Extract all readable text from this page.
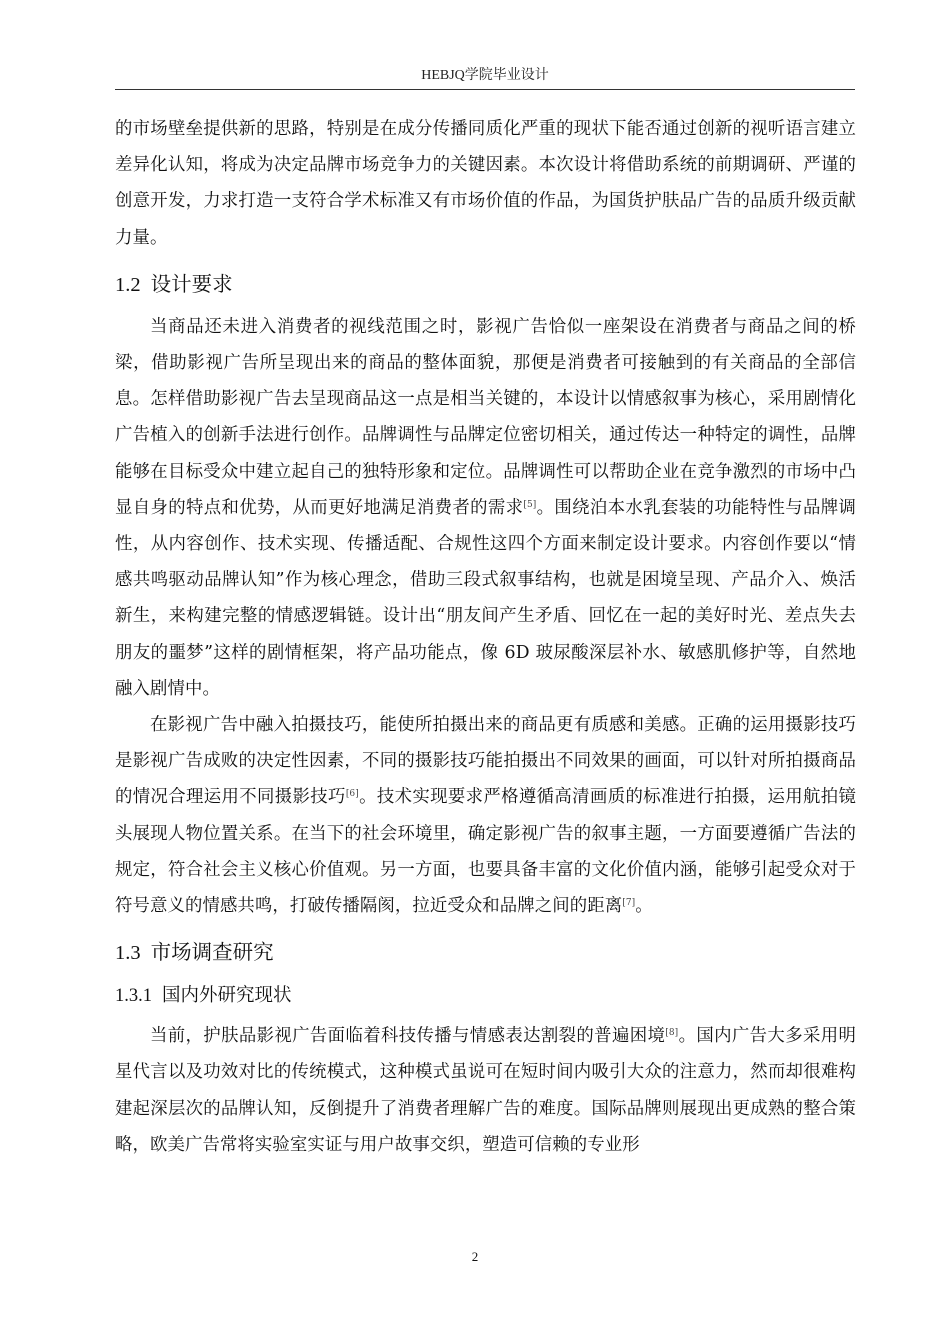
HEBJQ学院毕业设计

的市场壁垒提供新的思路，特别是在成分传播同质化严重的现状下能否通过创新的视听语言建立差异化认知，将成为决定品牌市场竞争力的关键因素。本次设计将借助系统的前期调研、严谨的创意开发，力求打造一支符合学术标准又有市场价值的作品，为国货护肤品广告的品质升级贡献力量。

1.2 设计要求

当商品还未进入消费者的视线范围之时，影视广告恰似一座架设在消费者与商品之间的桥梁，借助影视广告所呈现出来的商品的整体面貌，那便是消费者可接触到的有关商品的全部信息。怎样借助影视广告去呈现商品这一点是相当关键的，本设计以情感叙事为核心，采用剧情化广告植入的创新手法进行创作。品牌调性与品牌定位密切相关，通过传达一种特定的调性，品牌能够在目标受众中建立起自己的独特形象和定位。品牌调性可以帮助企业在竞争激烈的市场中凸显自身的特点和优势，从而更好地满足消费者的需求[5]。围绕泊本水乳套装的功能特性与品牌调性，从内容创作、技术实现、传播适配、合规性这四个方面来制定设计要求。内容创作要以“情感共鸣驱动品牌认知”作为核心理念，借助三段式叙事结构，也就是困境呈现、产品介入、焕活新生，来构建完整的情感逻辑链。设计出“朋友间产生矛盾、回忆在一起的美好时光、差点失去朋友的噩梦”这样的剧情框架，将产品功能点，像 6D 玻尿酸深层补水、敏感肌修护等，自然地融入剧情中。

在影视广告中融入拍摄技巧，能使所拍摄出来的商品更有质感和美感。正确的运用摄影技巧是影视广告成败的决定性因素，不同的摄影技巧能拍摄出不同效果的画面，可以针对所拍摄商品的情况合理运用不同摄影技巧[6]。技术实现要求严格遵循高清画质的标准进行拍摄，运用航拍镜头展现人物位置关系。在当下的社会环境里，确定影视广告的叙事主题，一方面要遵循广告法的规定，符合社会主义核心价值观。另一方面，也要具备丰富的文化价值内涵，能够引起受众对于符号意义的情感共鸣，打破传播隔阂，拉近受众和品牌之间的距离[7]。

1.3 市场调查研究
1.3.1 国内外研究现状

当前，护肤品影视广告面临着科技传播与情感表达割裂的普遍困境[8]。国内广告大多采用明星代言以及功效对比的传统模式，这种模式虽说可在短时间内吸引大众的注意力，然而却很难构建起深层次的品牌认知，反倒提升了消费者理解广告的难度。国际品牌则展现出更成熟的整合策略，欧美广告常将实验室实证与用户故事交织，塑造可信赖的专业形

2
